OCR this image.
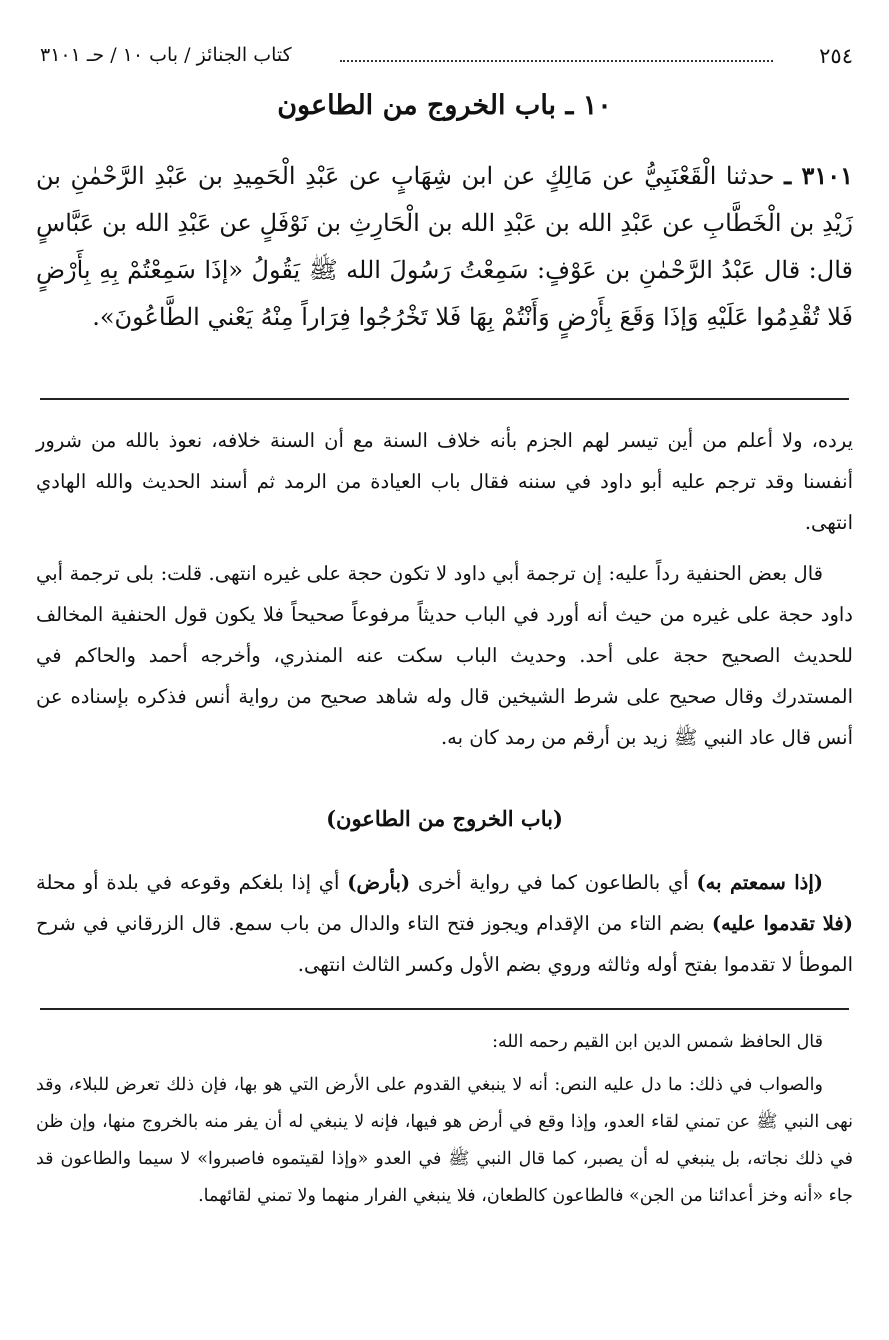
٢٥٤
كتاب الجنائز / باب ١٠ / حـ ٣١٠١
١٠ ـ باب الخروج من الطاعون
٣١٠١ ـ حدثنا الْقَعْنَبِيُّ عن مَالِكٍ عن ابن شِهَابٍ عن عَبْدِ الْحَمِيدِ بن عَبْدِ الرَّحْمٰنِ بن زَيْدِ بن الْخَطَّابِ عن عَبْدِ الله بن عَبْدِ الله بن الْحَارِثِ بن نَوْفَلٍ عن عَبْدِ الله بن عَبَّاسٍ قال: قال عَبْدُ الرَّحْمٰنِ بن عَوْفٍ: سَمِعْتُ رَسُولَ الله ﷺ يَقُولُ «إذَا سَمِعْتُمْ بِهِ بِأَرْضٍ فَلا تُقْدِمُوا عَلَيْهِ وَإذَا وَقَعَ بِأَرْضٍ وَأَنْتُمْ بِهَا فَلا تَخْرُجُوا فِرَاراً مِنْهُ يَعْني الطَّاعُونَ».

يرده، ولا أعلم من أين تيسر لهم الجزم بأنه خلاف السنة مع أن السنة خلافه، نعوذ بالله من شرور أنفسنا وقد ترجم عليه أبو داود في سننه فقال باب العيادة من الرمد ثم أسند الحديث والله الهادي انتهى.

قال بعض الحنفية رداً عليه: إن ترجمة أبي داود لا تكون حجة على غيره انتهى. قلت: بلى ترجمة أبي داود حجة على غيره من حيث أنه أورد في الباب حديثاً مرفوعاً صحيحاً فلا يكون قول الحنفية المخالف للحديث الصحيح حجة على أحد. وحديث الباب سكت عنه المنذري، وأخرجه أحمد والحاكم في المستدرك وقال صحيح على شرط الشيخين قال وله شاهد صحيح من رواية أنس فذكره بإسناده عن أنس قال عاد النبي ﷺ زيد بن أرقم من رمد كان به.

(باب الخروج من الطاعون)

(إذا سمعتم به) أي بالطاعون كما في رواية أخرى (بأرض) أي إذا بلغكم وقوعه في بلدة أو محلة (فلا تقدموا عليه) بضم التاء من الإقدام ويجوز فتح التاء والدال من باب سمع. قال الزرقاني في شرح الموطأ لا تقدموا بفتح أوله وثالثه وروي بضم الأول وكسر الثالث انتهى.

قال الحافظ شمس الدين ابن القيم رحمه الله:

والصواب في ذلك: ما دل عليه النص: أنه لا ينبغي القدوم على الأرض التي هو بها، فإن ذلك تعرض للبلاء، وقد نهى النبي ﷺ عن تمني لقاء العدو، وإذا وقع في أرض هو فيها، فإنه لا ينبغي له أن يفر منه بالخروج منها، وإن ظن في ذلك نجاته، بل ينبغي له أن يصبر، كما قال النبي ﷺ في العدو «وإذا لقيتموه فاصبروا» لا سيما والطاعون قد جاء «أنه وخز أعدائنا من الجن» فالطاعون كالطعان، فلا ينبغي الفرار منهما ولا تمني لقائهما.
